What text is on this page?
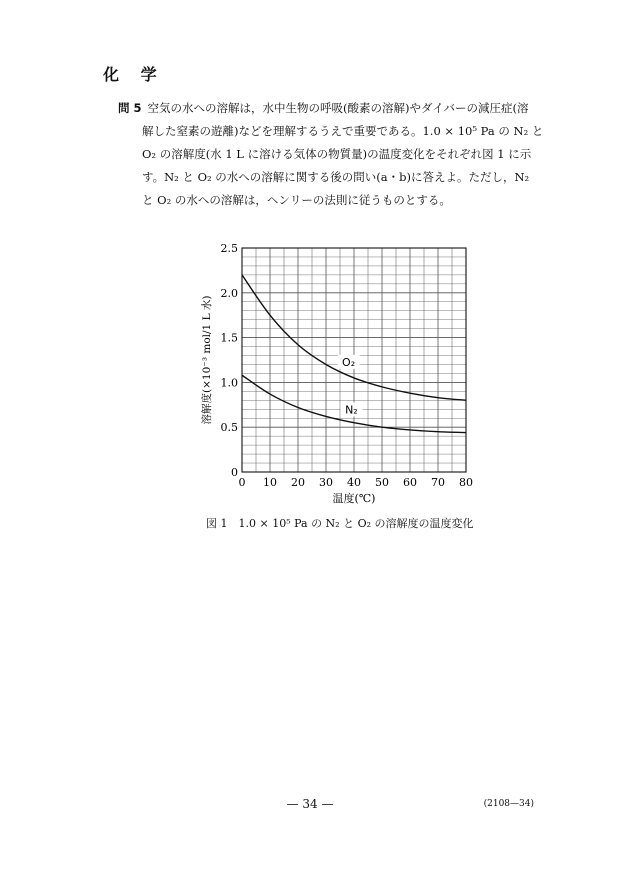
化 学
問 5 空気の水への溶解は，水中生物の呼吸(酸素の溶解)やダイバーの減圧症(溶
解した窒素の遊離)などを理解するうえで重要である。1.0 × 10⁵ Pa の N₂ と
O₂ の溶解度(水 1 L に溶ける気体の物質量)の温度変化をそれぞれ図 1 に示
す。N₂ と O₂ の水への溶解に関する後の問い(a・b)に答えよ。ただし，N₂
と O₂ の水への溶解は，ヘンリーの法則に従うものとする。
0 10 20 30 40 50 60 70 80
0
0.5
1.0
1.5
2.0
2.5
温度(℃)
溶解度(×10⁻³ mol/1 L 水)	O₂
N₂
図 1　1.0 × 10⁵ Pa の N₂ と O₂ の溶解度の温度変化
— 34 —	(2108—34)
